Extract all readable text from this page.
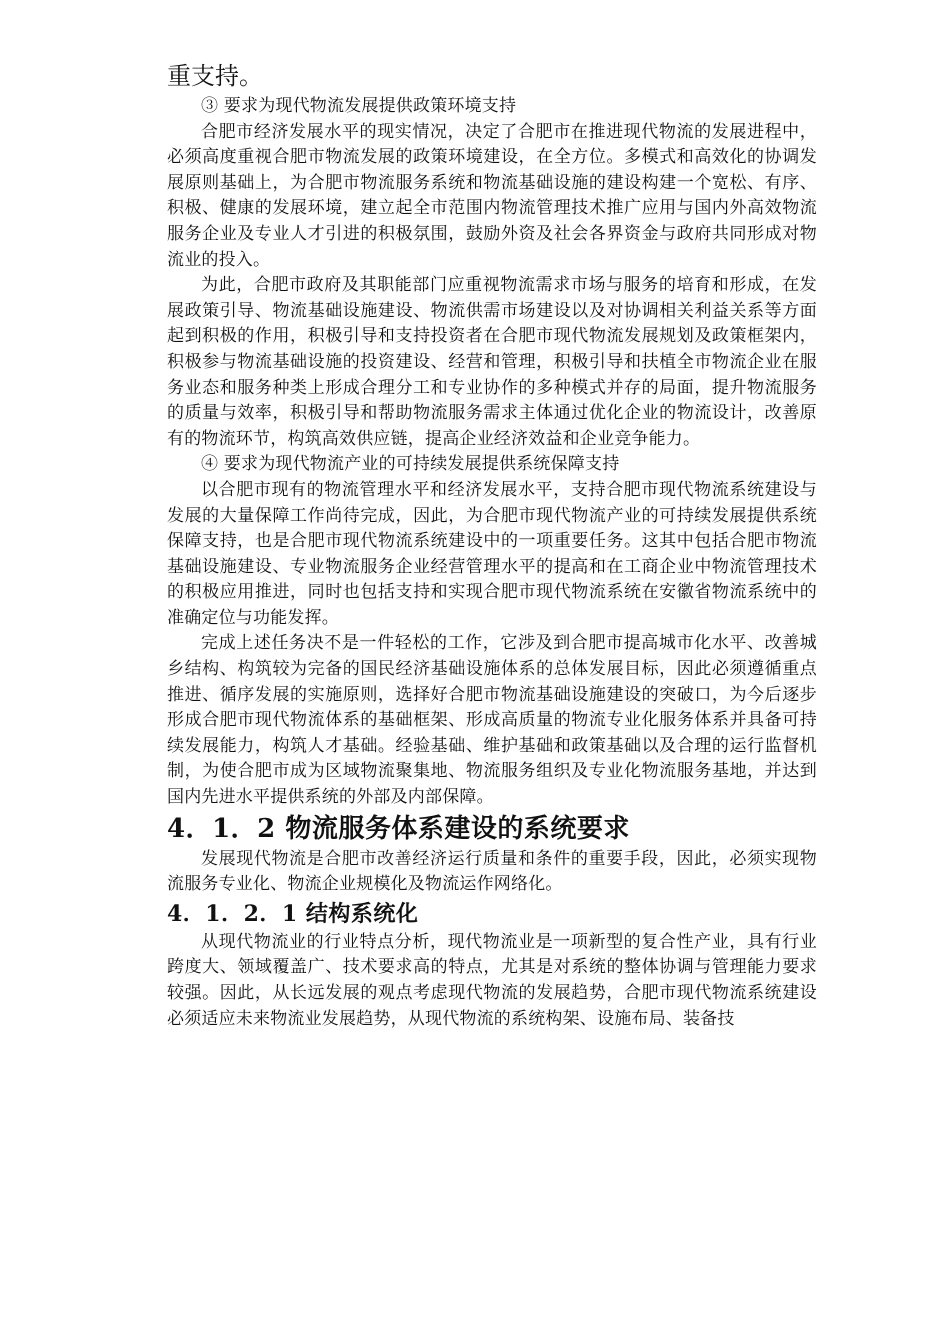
重支持。

③ 要求为现代物流发展提供政策环境支持

合肥市经济发展水平的现实情况，决定了合肥市在推进现代物流的发展进程中，必须高度重视合肥市物流发展的政策环境建设，在全方位。多模式和高效化的协调发展原则基础上，为合肥市物流服务系统和物流基础设施的建设构建一个宽松、有序、积极、健康的发展环境，建立起全市范围内物流管理技术推广应用与国内外高效物流服务企业及专业人才引进的积极氛围，鼓励外资及社会各界资金与政府共同形成对物流业的投入。

为此，合肥市政府及其职能部门应重视物流需求市场与服务的培育和形成，在发展政策引导、物流基础设施建设、物流供需市场建设以及对协调相关利益关系等方面起到积极的作用，积极引导和支持投资者在合肥市现代物流发展规划及政策框架内，积极参与物流基础设施的投资建设、经营和管理，积极引导和扶植全市物流企业在服务业态和服务种类上形成合理分工和专业协作的多种模式并存的局面，提升物流服务的质量与效率，积极引导和帮助物流服务需求主体通过优化企业的物流设计，改善原有的物流环节，构筑高效供应链，提高企业经济效益和企业竞争能力。

④ 要求为现代物流产业的可持续发展提供系统保障支持

以合肥市现有的物流管理水平和经济发展水平，支持合肥市现代物流系统建设与发展的大量保障工作尚待完成，因此，为合肥市现代物流产业的可持续发展提供系统保障支持，也是合肥市现代物流系统建设中的一项重要任务。这其中包括合肥市物流基础设施建设、专业物流服务企业经营管理水平的提高和在工商企业中物流管理技术的积极应用推进，同时也包括支持和实现合肥市现代物流系统在安徽省物流系统中的准确定位与功能发挥。

完成上述任务决不是一件轻松的工作，它涉及到合肥市提高城市化水平、改善城乡结构、构筑较为完备的国民经济基础设施体系的总体发展目标，因此必须遵循重点推进、循序发展的实施原则，选择好合肥市物流基础设施建设的突破口，为今后逐步形成合肥市现代物流体系的基础框架、形成高质量的物流专业化服务体系并具备可持续发展能力，构筑人才基础。经验基础、维护基础和政策基础以及合理的运行监督机制，为使合肥市成为区域物流聚集地、物流服务组织及专业化物流服务基地，并达到国内先进水平提供系统的外部及内部保障。

4．1．2 物流服务体系建设的系统要求

发展现代物流是合肥市改善经济运行质量和条件的重要手段，因此，必须实现物流服务专业化、物流企业规模化及物流运作网络化。

4．1．2．1 结构系统化

从现代物流业的行业特点分析，现代物流业是一项新型的复合性产业，具有行业跨度大、领域覆盖广、技术要求高的特点，尤其是对系统的整体协调与管理能力要求较强。因此，从长远发展的观点考虑现代物流的发展趋势，合肥市现代物流系统建设必须适应未来物流业发展趋势，从现代物流的系统构架、设施布局、装备技
